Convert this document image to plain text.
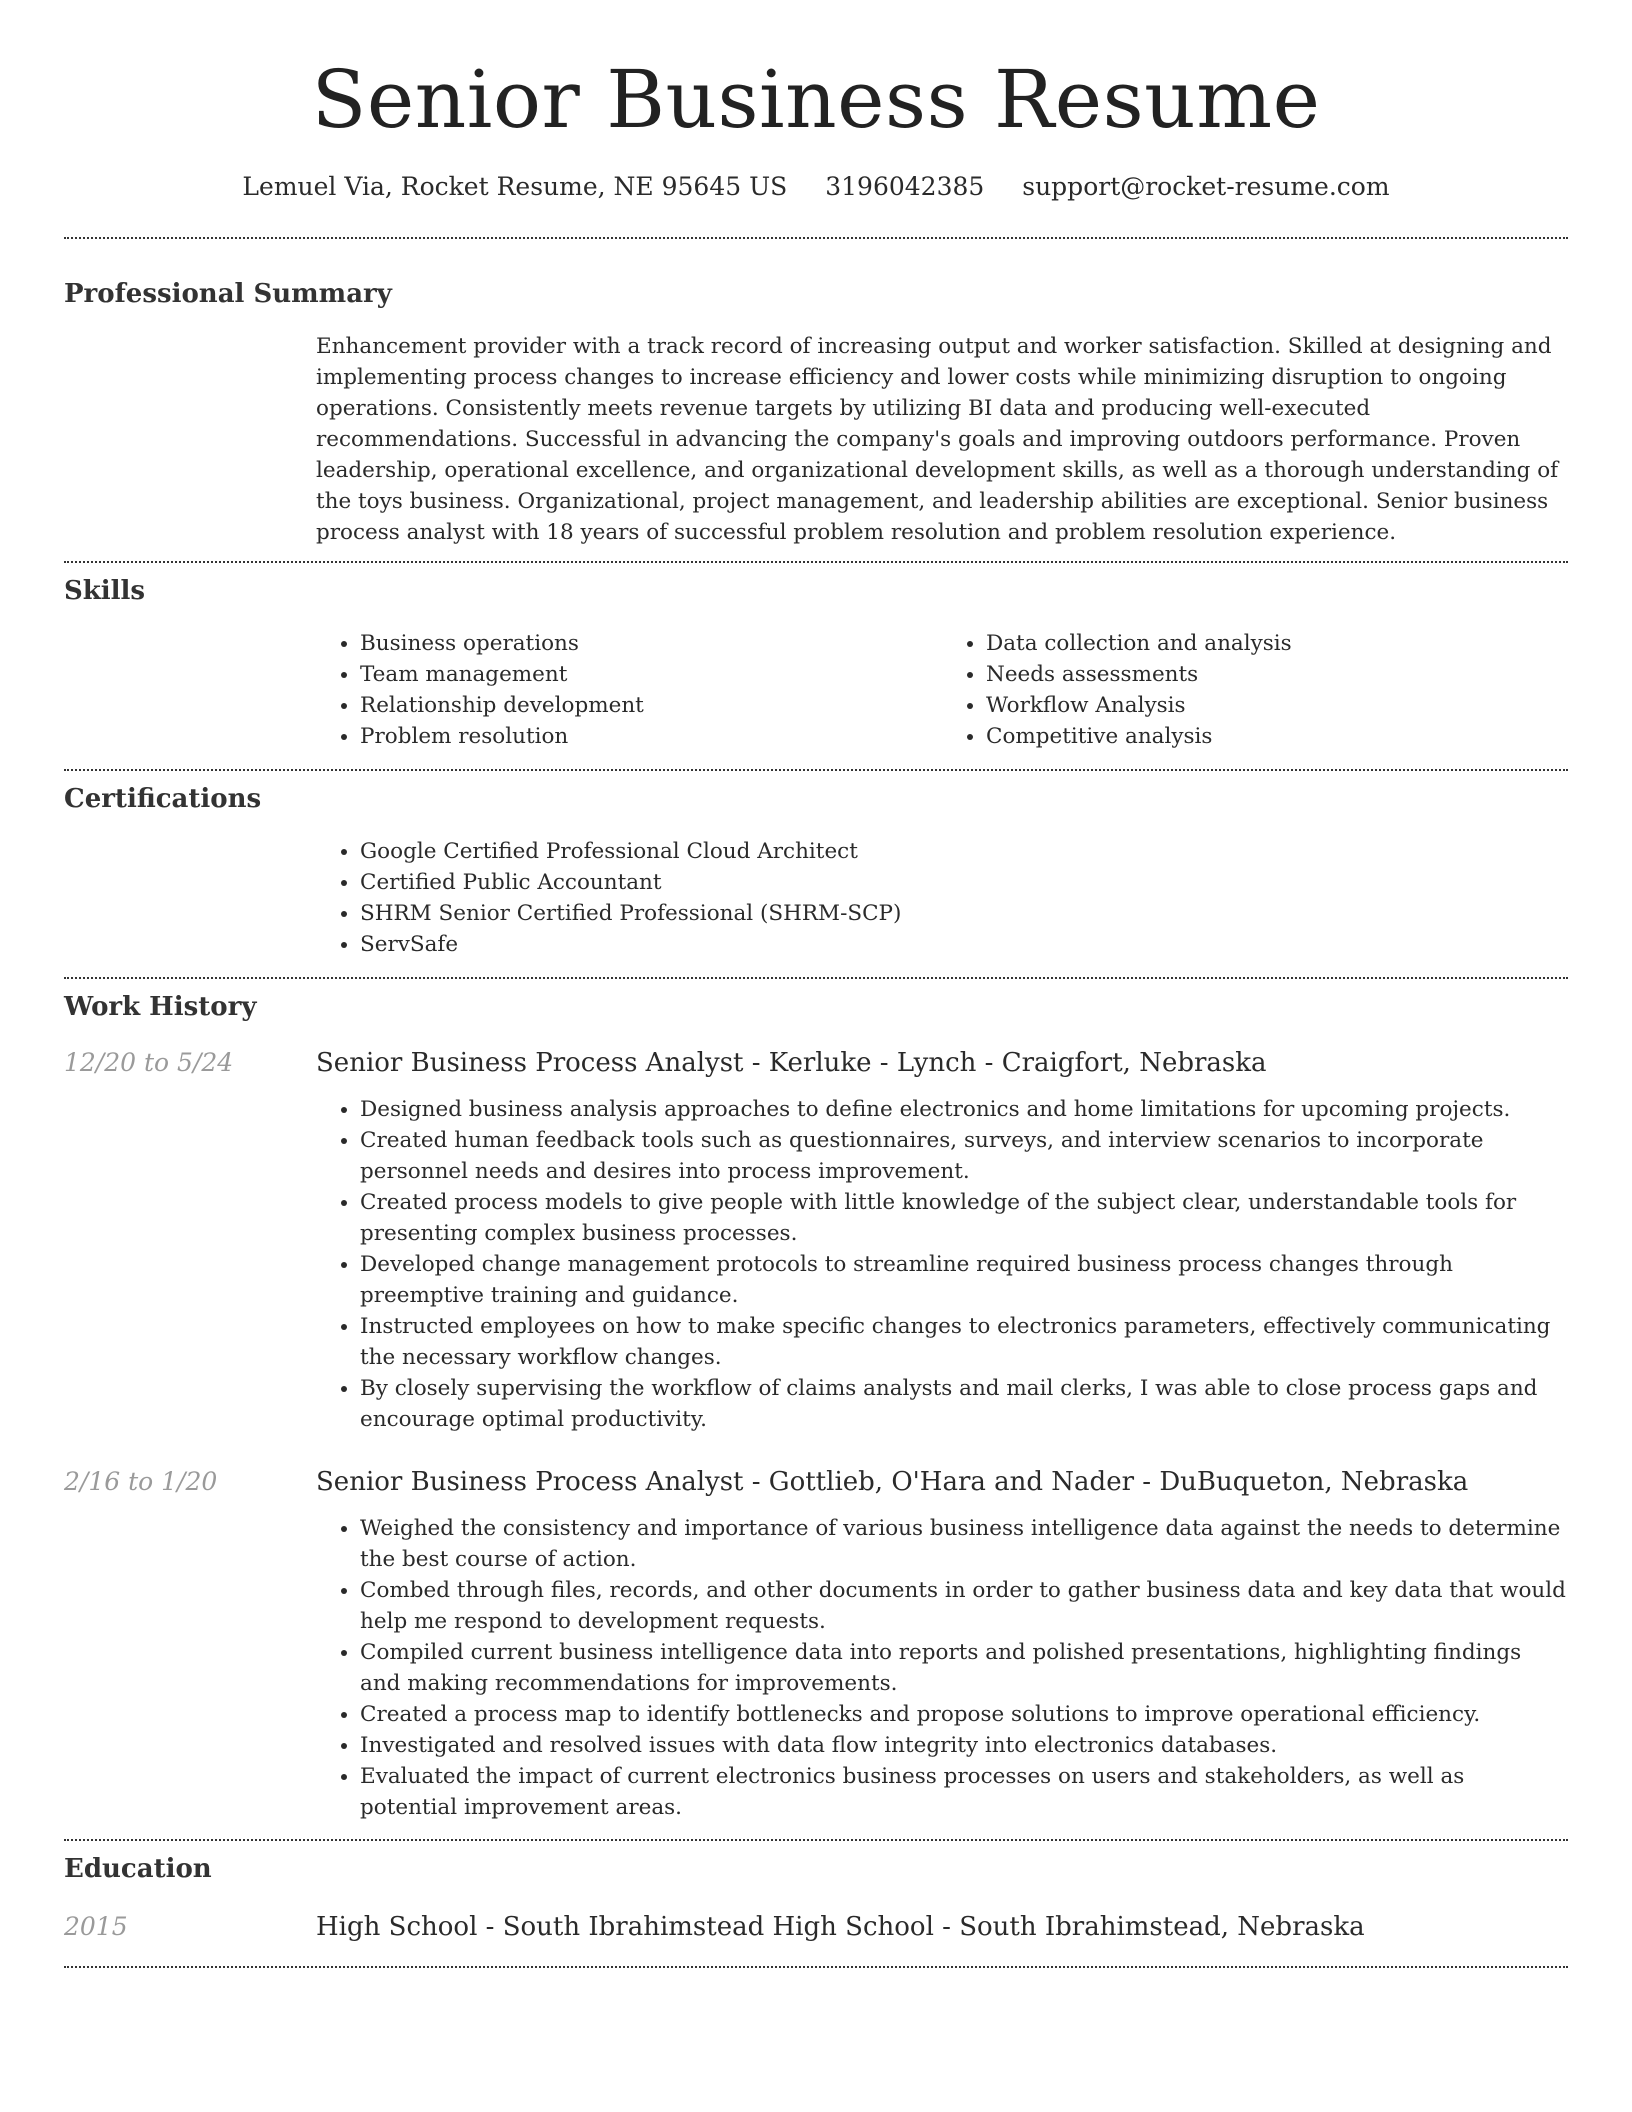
Senior Business Resume
Lemuel Via, Rocket Resume, NE 95645 US 3196042385 support@rocket-resume.com
Professional Summary
Enhancement provider with a track record of increasing output and worker satisfaction. Skilled at designing and implementing process changes to increase efficiency and lower costs while minimizing disruption to ongoing operations. Consistently meets revenue targets by utilizing BI data and producing well-executed recommendations. Successful in advancing the company's goals and improving outdoors performance. Proven leadership, operational excellence, and organizational development skills, as well as a thorough understanding of the toys business. Organizational, project management, and leadership abilities are exceptional. Senior business process analyst with 18 years of successful problem resolution and problem resolution experience.
Skills
• Business operations
• Team management
• Relationship development
• Problem resolution
• Data collection and analysis
• Needs assessments
• Workflow Analysis
• Competitive analysis
Certifications
• Google Certified Professional Cloud Architect
• Certified Public Accountant
• SHRM Senior Certified Professional (SHRM-SCP)
• ServSafe
Work History
12/20 to 5/24	Senior Business Process Analyst - Kerluke - Lynch - Craigfort, Nebraska
• Designed business analysis approaches to define electronics and home limitations for upcoming projects.
• Created human feedback tools such as questionnaires, surveys, and interview scenarios to incorporate personnel needs and desires into process improvement.
• Created process models to give people with little knowledge of the subject clear, understandable tools for presenting complex business processes.
• Developed change management protocols to streamline required business process changes through preemptive training and guidance.
• Instructed employees on how to make specific changes to electronics parameters, effectively communicating the necessary workflow changes.
• By closely supervising the workflow of claims analysts and mail clerks, I was able to close process gaps and encourage optimal productivity.
2/16 to 1/20	Senior Business Process Analyst - Gottlieb, O'Hara and Nader - DuBuqueton, Nebraska
• Weighed the consistency and importance of various business intelligence data against the needs to determine the best course of action.
• Combed through files, records, and other documents in order to gather business data and key data that would help me respond to development requests.
• Compiled current business intelligence data into reports and polished presentations, highlighting findings and making recommendations for improvements.
• Created a process map to identify bottlenecks and propose solutions to improve operational efficiency.
• Investigated and resolved issues with data flow integrity into electronics databases.
• Evaluated the impact of current electronics business processes on users and stakeholders, as well as potential improvement areas.
Education
2015	High School - South Ibrahimstead High School - South Ibrahimstead, Nebraska
